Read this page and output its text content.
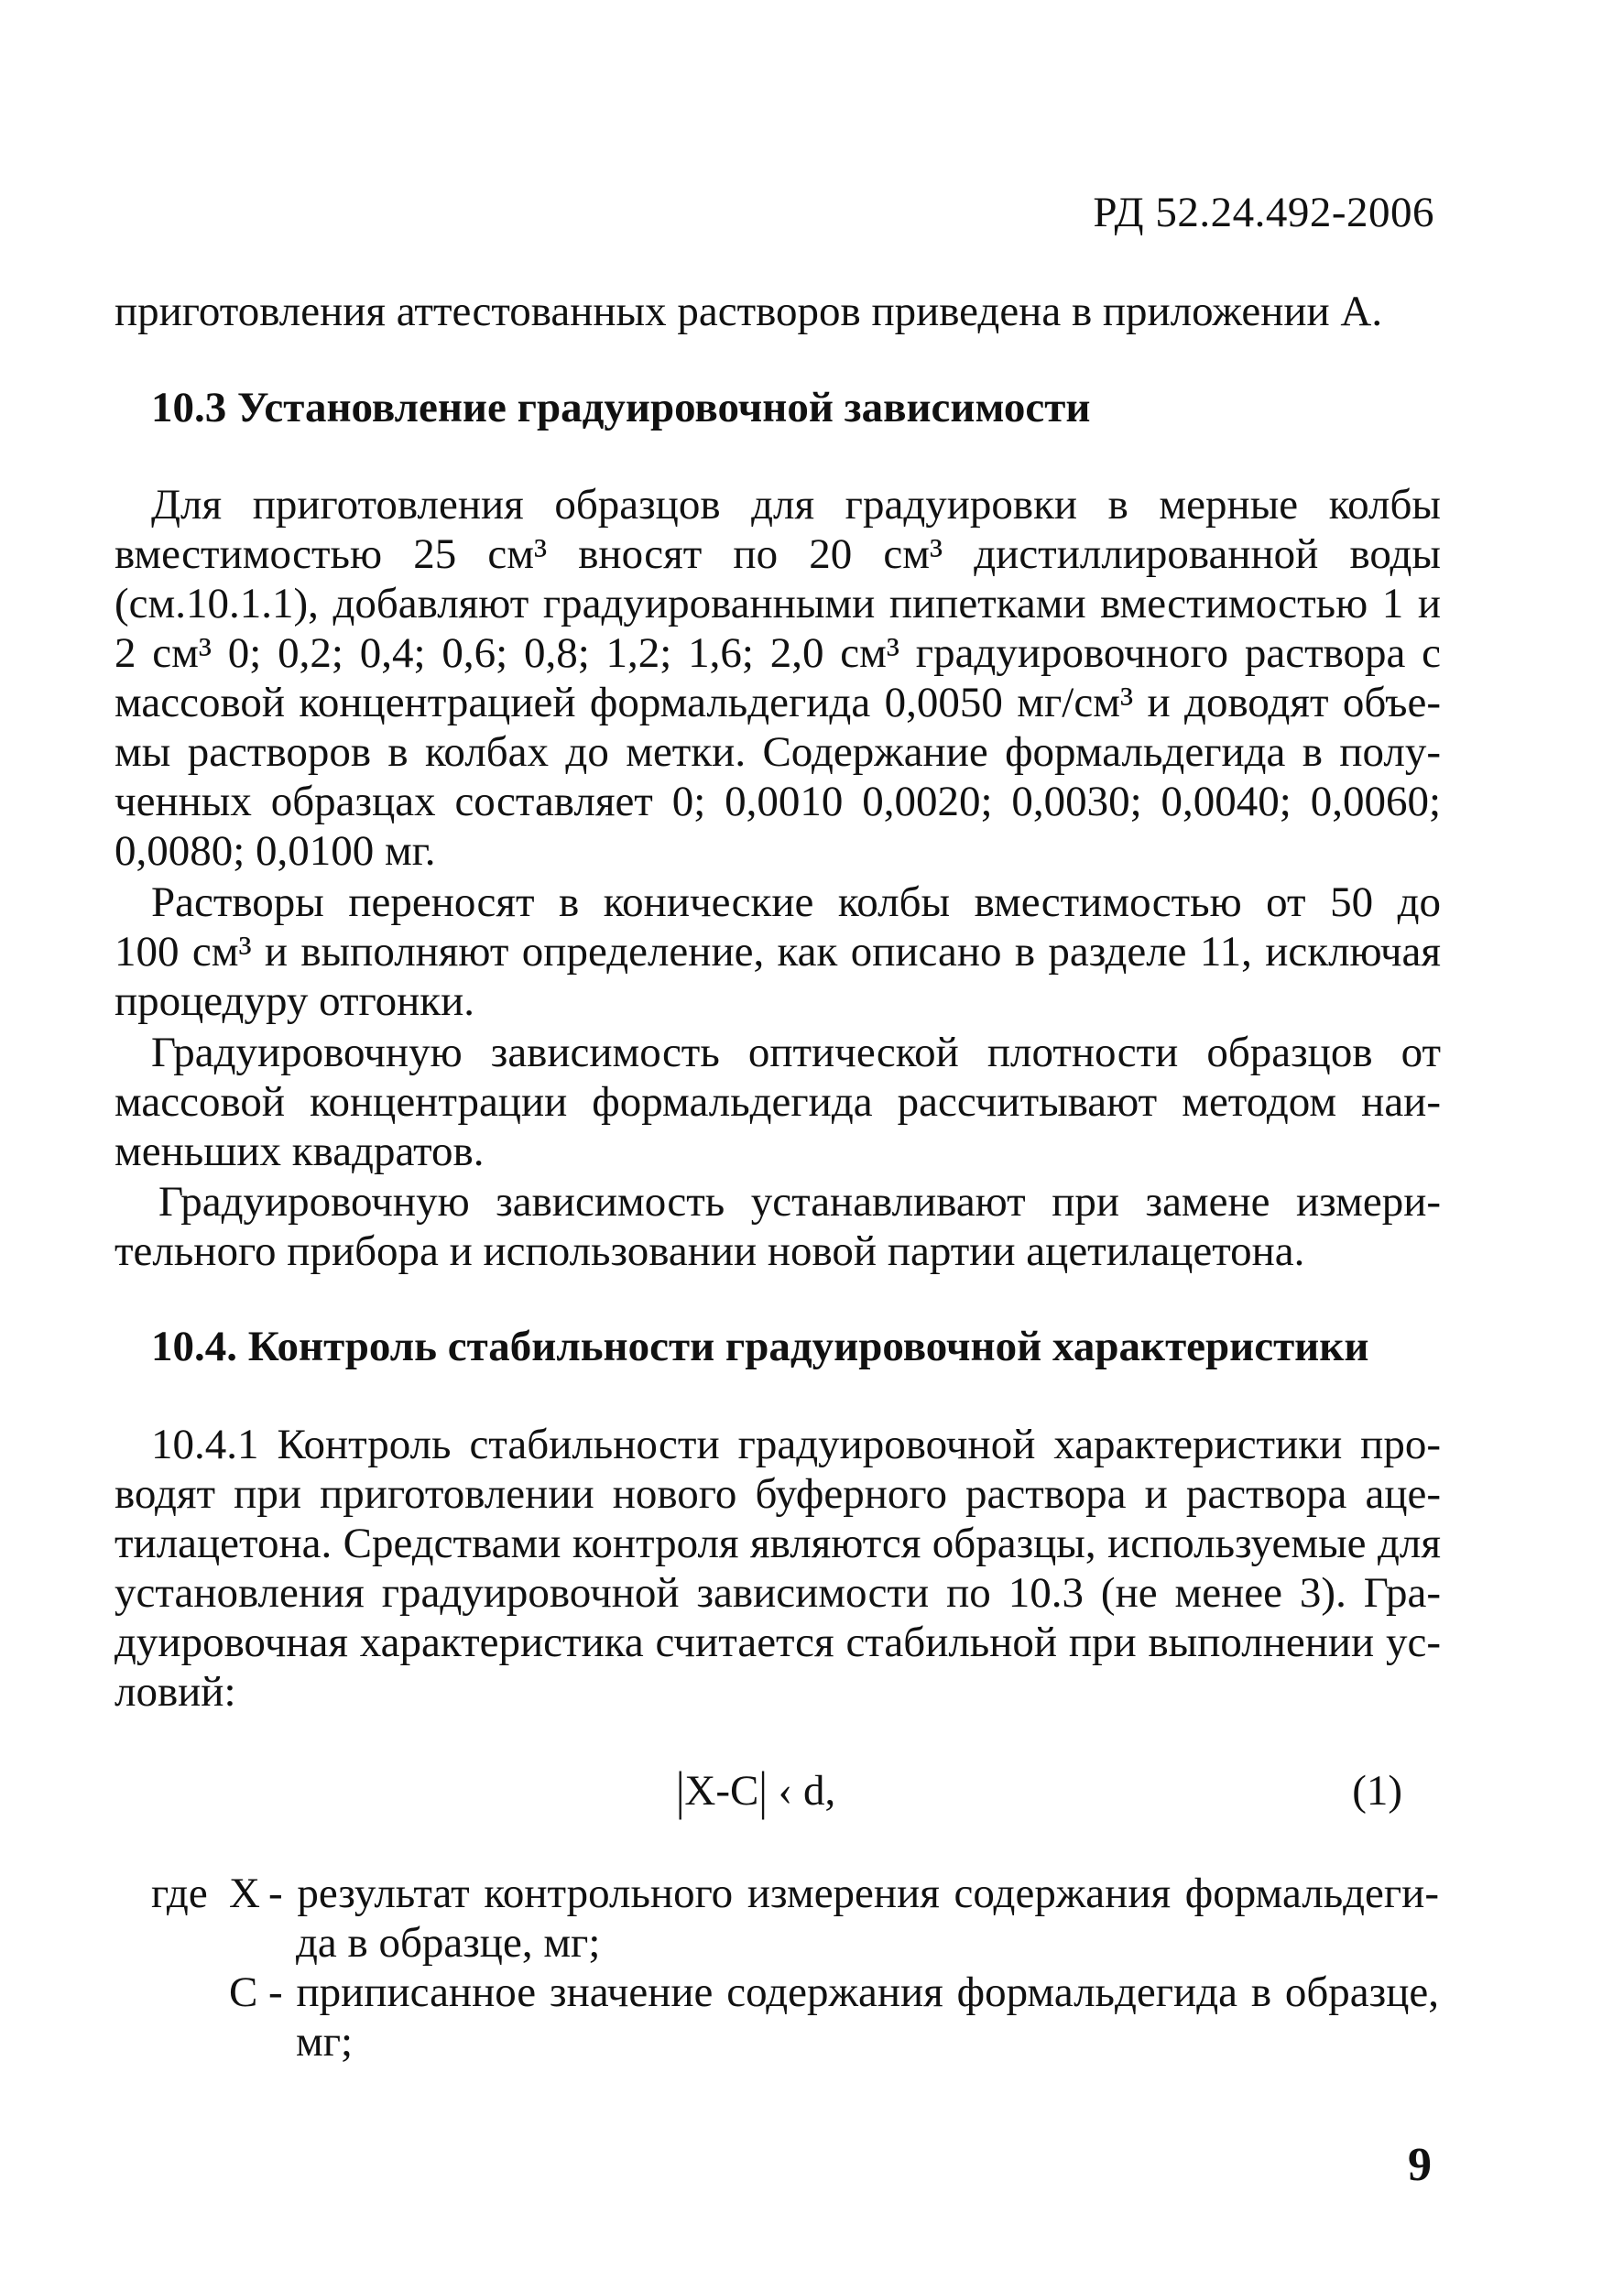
РД 52.24.492-2006
приготовления аттестованных растворов приведена в приложении А.
10.3 Установление градуировочной зависимости
Для приготовления образцов для градуировки в мерные колбы
вместимостью 25 см³ вносят по 20 см³ дистиллированной воды
(см.10.1.1), добавляют градуированными пипетками вместимостью 1 и
2 см³ 0; 0,2; 0,4; 0,6; 0,8; 1,2; 1,6; 2,0 см³ градуировочного раствора с
массовой концентрацией формальдегида 0,0050 мг/см³ и доводят объе-
мы растворов в колбах до метки. Содержание формальдегида в полу-
ченных образцах составляет 0; 0,0010 0,0020; 0,0030; 0,0040; 0,0060;
0,0080; 0,0100 мг.
Растворы переносят в конические колбы вместимостью от 50 до
100 см³ и выполняют определение, как описано в разделе 11, исключая
процедуру отгонки.
Градуировочную зависимость оптической плотности образцов от
массовой концентрации формальдегида рассчитывают методом наи-
меньших квадратов.
Градуировочную зависимость устанавливают при замене измери-
тельного прибора и использовании новой партии ацетилацетона.
10.4. Контроль стабильности градуировочной характеристики
10.4.1 Контроль стабильности градуировочной характеристики про-
водят при приготовлении нового буферного раствора и раствора аце-
тилацетона. Средствами контроля являются образцы, используемые для
установления градуировочной зависимости по 10.3 (не менее 3). Гра-
дуировочная характеристика считается стабильной при выполнении ус-
ловий:
|X-C| ‹ d,	(1)
где X - результат контрольного измерения содержания формальдеги-
да в образце, мг;
C - приписанное значение содержания формальдегида в образце,
мг;
9
